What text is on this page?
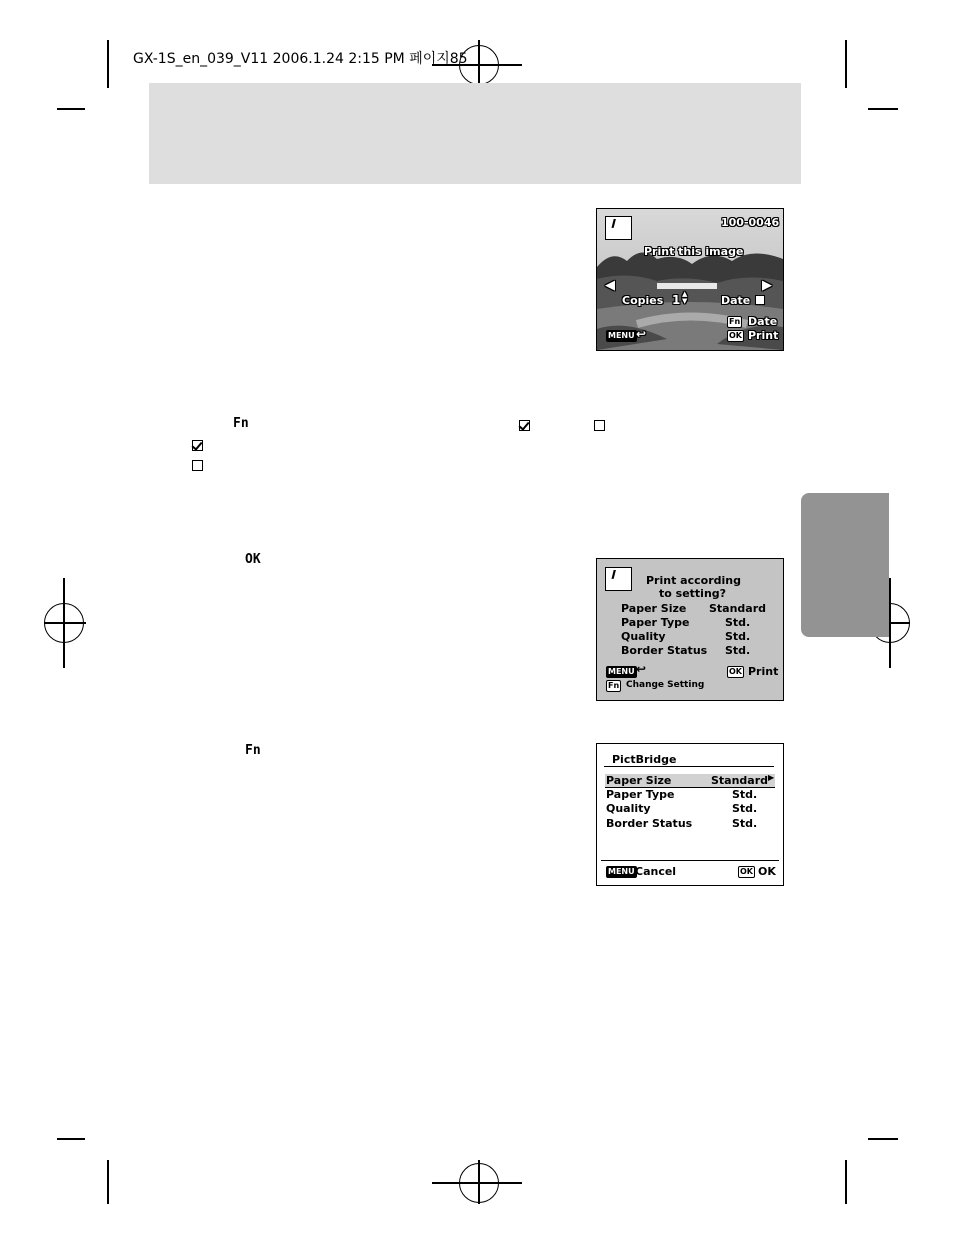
GX-1S_en_039_V11 2006.1.24 2:15 PM 페이지85
Fn
OK
Fn
ᑊ	100-0046
Print this image
◀	▶
Copies 1 ▲
▼	Date
Fn Date
MENU ↩	OK Print
ᑊ	Print according
to setting?
Paper Size Standard
Paper Type	Std.
Quality	Std.
Border Status Std.
MENU ↩	OK Print
Fn Change Setting
PictBridge
Paper Size	Standard ▶
Paper Type	Std.
Quality	Std.
Border Status	Std.
MENU Cancel	OK OK
